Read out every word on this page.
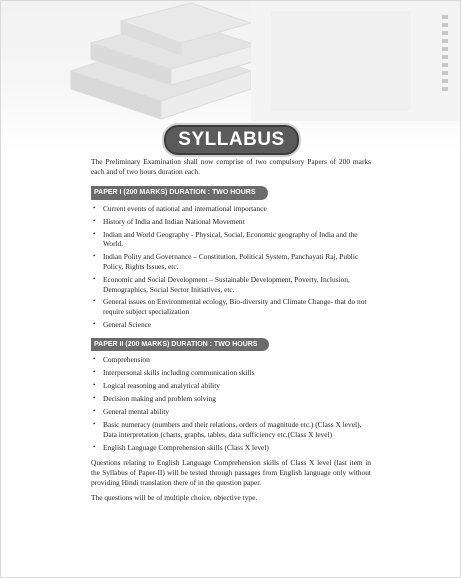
SYLLABUS

The Preliminary Examination shall now comprise of two compulsory Papers of 200 marks each and of two hours duration each.

PAPER I (200 MARKS) DURATION : TWO HOURS
• Current events of national and international importance
• History of India and Indian National Movement
• Indian and World Geography - Physical, Social, Economic geography of India and the World.
• Indian Polity and Governance – Constitution, Political System, Panchayati Raj, Public Policy, Rights Issues, etc.
• Economic and Social Development – Sustainable Development, Poverty, Inclusion, Demographics, Social Sector Initiatives, etc.
• General issues on Environmental ecology, Bio-diversity and Climate Change- that do not require subject specialization
• General Science
PAPER II (200 MARKS) DURATION : TWO HOURS
• Comprehension
• Interpersonal skills including communication skills
• Logical reasoning and analytical ability
• Decision making and problem solving
• General mental ability
• Basic numeracy (numbers and their relations, orders of magnitude etc.) (Class X level), Data interpretation (charts, graphs, tables, data sufficiency etc.(Class X level)
• English Language Comprehension skills (Class X level)

Questions relating to English Language Comprehension skills of Class X level (last item in the Syllabus of Paper-II) will be tested through passages from English language only without providing Hindi translation there of in the question paper.

The questions will be of multiple choice, objective type.
